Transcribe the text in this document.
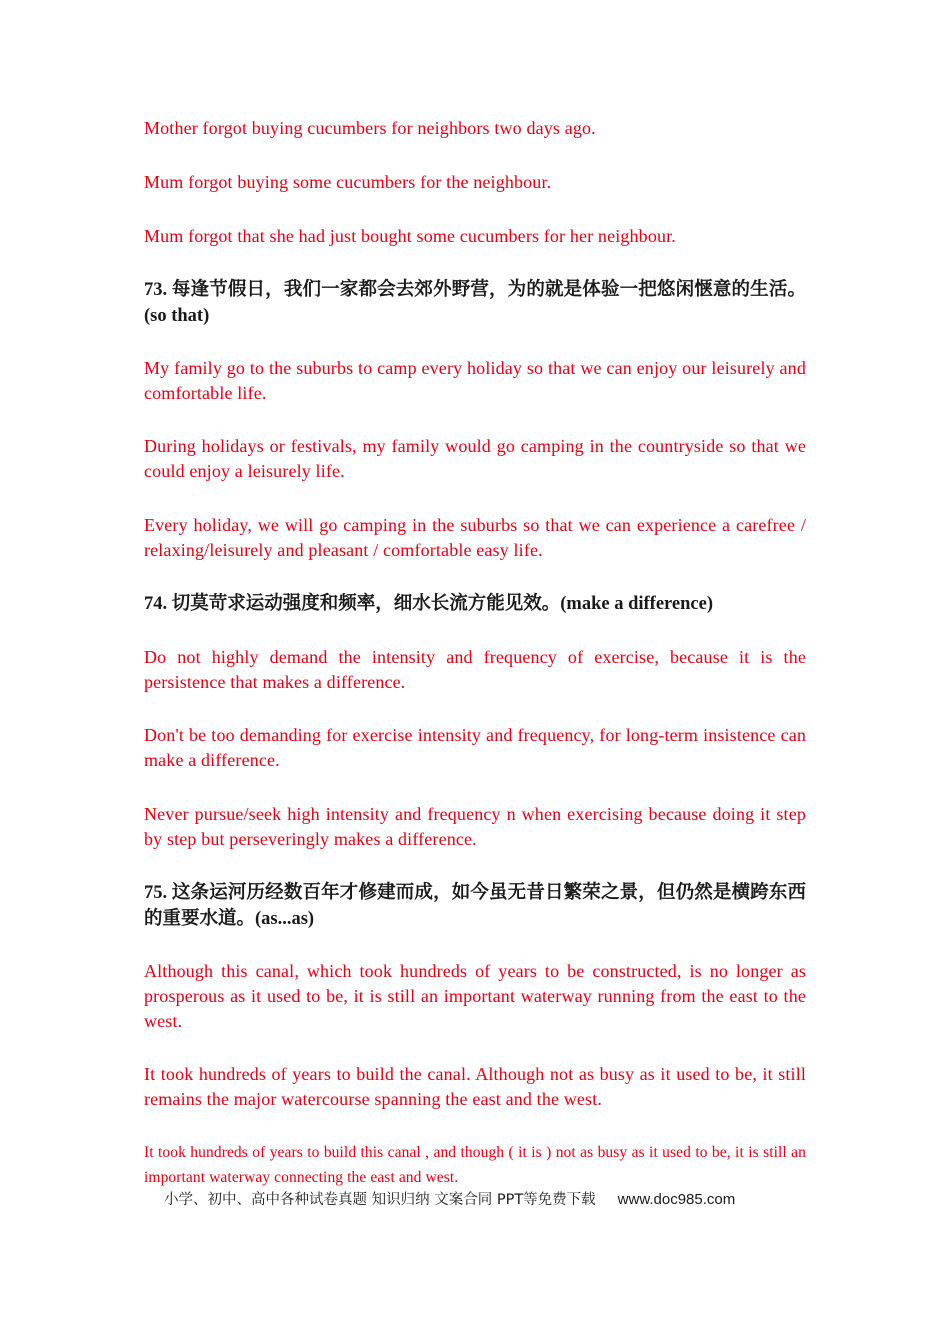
Mother forgot buying cucumbers for neighbors two days ago.

Mum forgot buying some cucumbers for the neighbour.

Mum forgot that she had just bought some cucumbers for her neighbour.

73. 每逢节假日，我们一家都会去郊外野营，为的就是体验一把悠闲惬意的生活。(so that)

My family go to the suburbs to camp every holiday so that we can enjoy our leisurely and comfortable life.

During holidays or festivals, my family would go camping in the countryside so that we could enjoy a leisurely life.

Every holiday, we will go camping in the suburbs so that we can experience a carefree / relaxing/leisurely and pleasant / comfortable easy life.

74. 切莫苛求运动强度和频率，细水长流方能见效。(make a difference)

Do not highly demand the intensity and frequency of exercise, because it is the persistence that makes a difference.

Don't be too demanding for exercise intensity and frequency, for long-term insistence can make a difference.

Never pursue/seek high intensity and frequency n when exercising because doing it step by step but perseveringly makes a difference.

75. 这条运河历经数百年才修建而成，如今虽无昔日繁荣之景，但仍然是横跨东西的重要水道。(as...as)

Although this canal, which took hundreds of years to be constructed, is no longer as prosperous as it used to be, it is still an important waterway running from the east to the west.

It took hundreds of years to build the canal. Although not as busy as it used to be, it still remains the major watercourse spanning the east and the west.

It took hundreds of years to build this canal , and though ( it is ) not as busy as it used to be, it is still an important waterway connecting the east and west.

小学、初中、高中各种试卷真题 知识归纳 文案合同 PPT等免费下载 www.doc985.com
